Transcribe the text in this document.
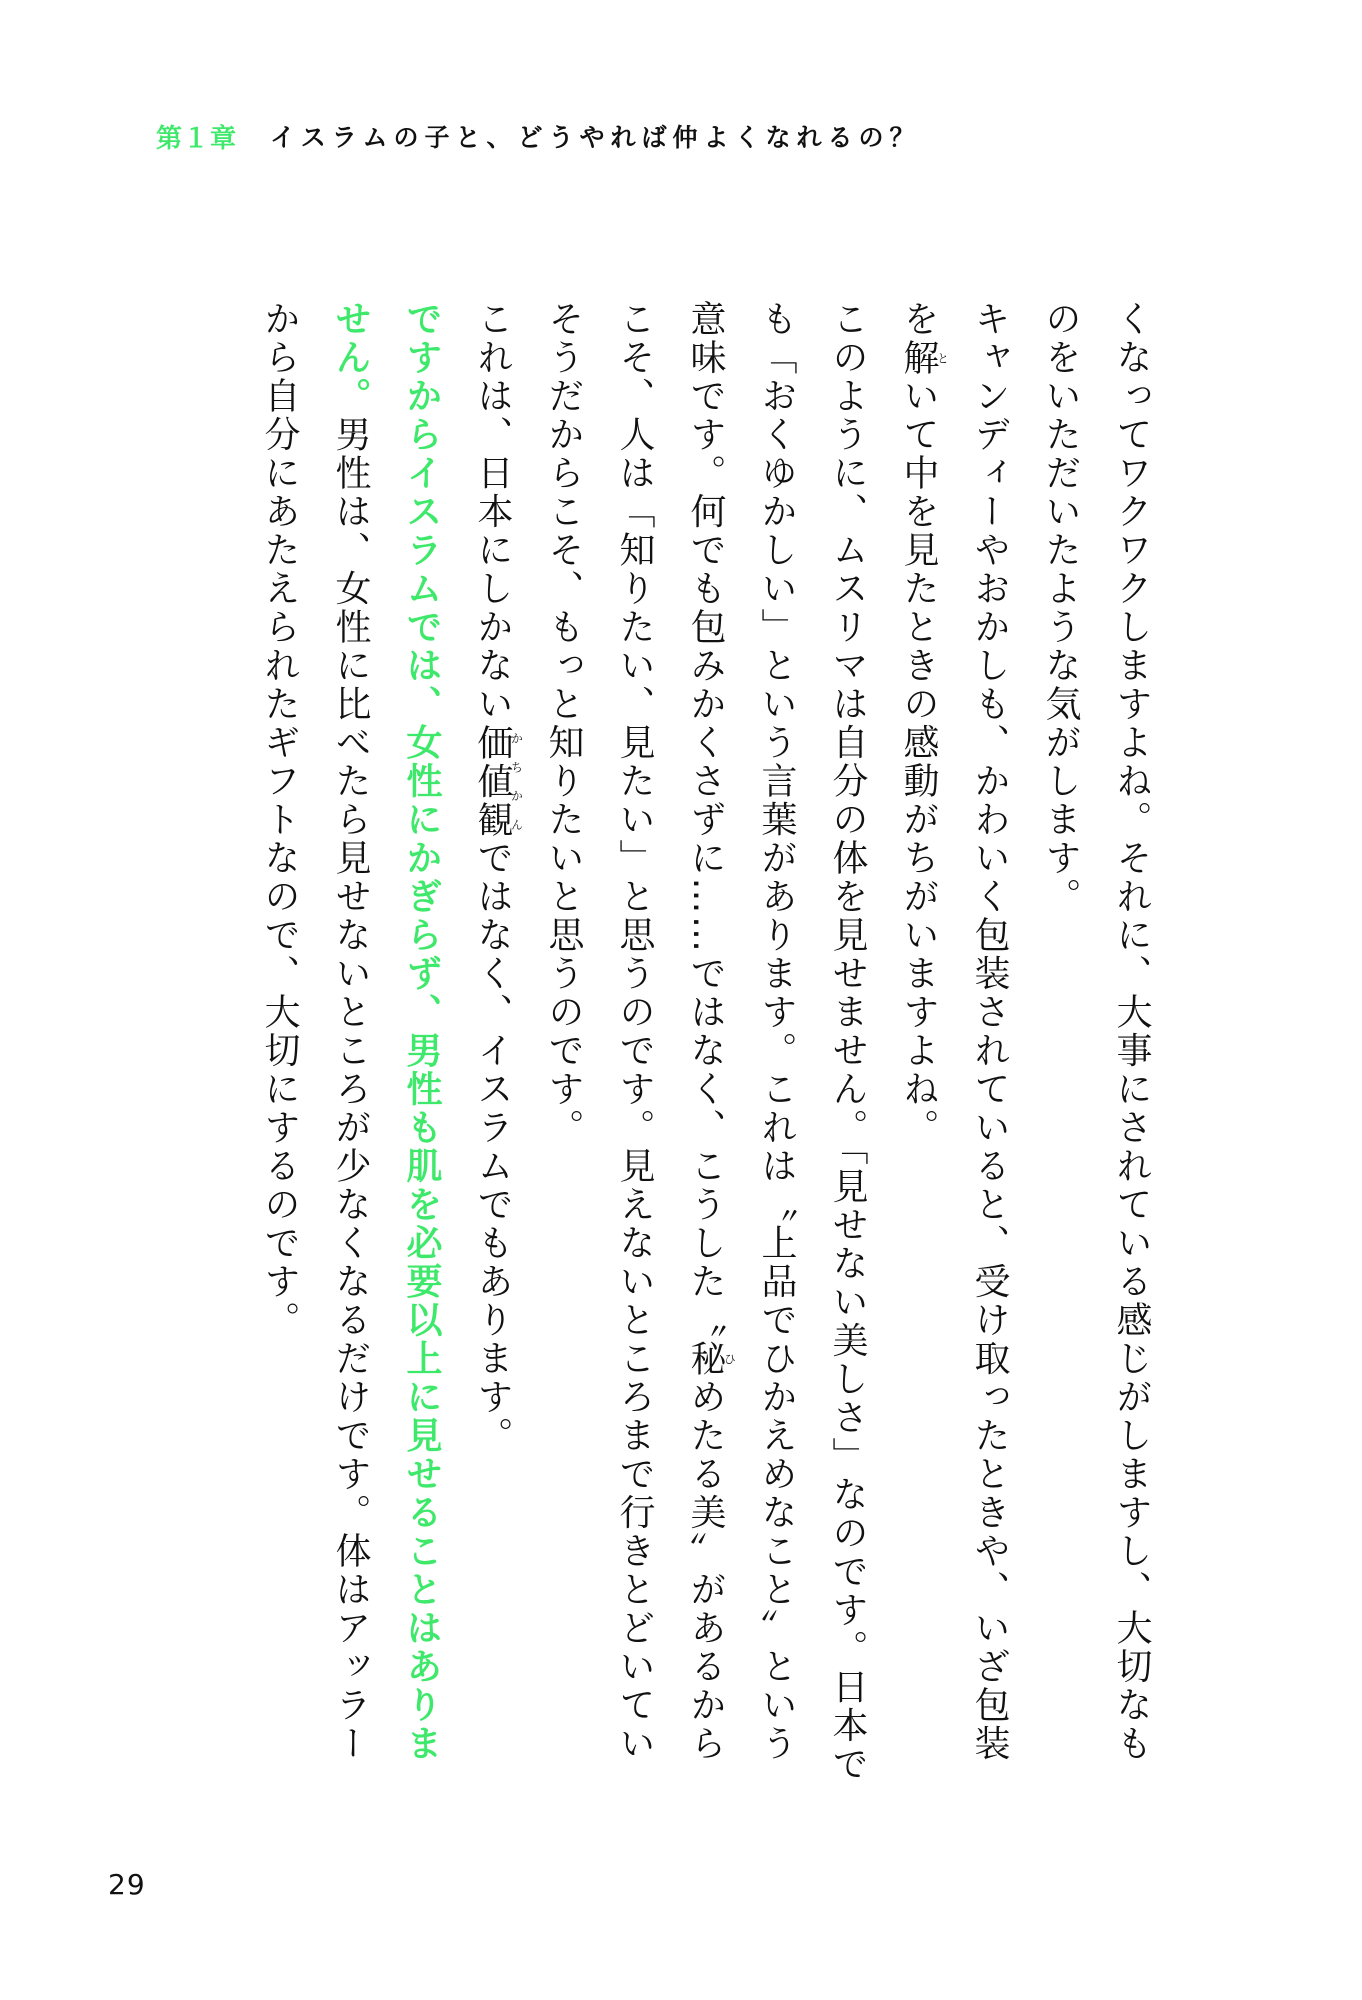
第１章 イスラムの子と、どうやれば仲よくなれるの？

くなってワクワクしますよね。それに、大事にされている感じがしますし、大切なものをいただいたような気がします。

キャンディーやおかしも、かわいく包装されていると、受け取ったときや、いざ包装を解といて中を見たときの感動がちがいますよね。

このように、ムスリマは自分の体を見せません。「見せない美しさ」なのです。日本でも「おくゆかしい」という言葉があります。これは〝上品でひかえめなこと〟という意味です。何でも包みかくさずに……ではなく、こうした〝秘ひめたる美〟があるからこそ、人は「知りたい、見たい」と思うのです。見えないところまで行きとどいていそうだからこそ、もっと知りたいと思うのです。

これは、日本にしかない価値観かちかんではなく、イスラムでもあります。

ですからイスラムでは、女性にかぎらず、男性も肌を必要以上に見せることはありません。男性は、女性に比べたら見せないところが少なくなるだけです。体はアッラーから自分にあたえられたギフトなので、大切にするのです。

29
